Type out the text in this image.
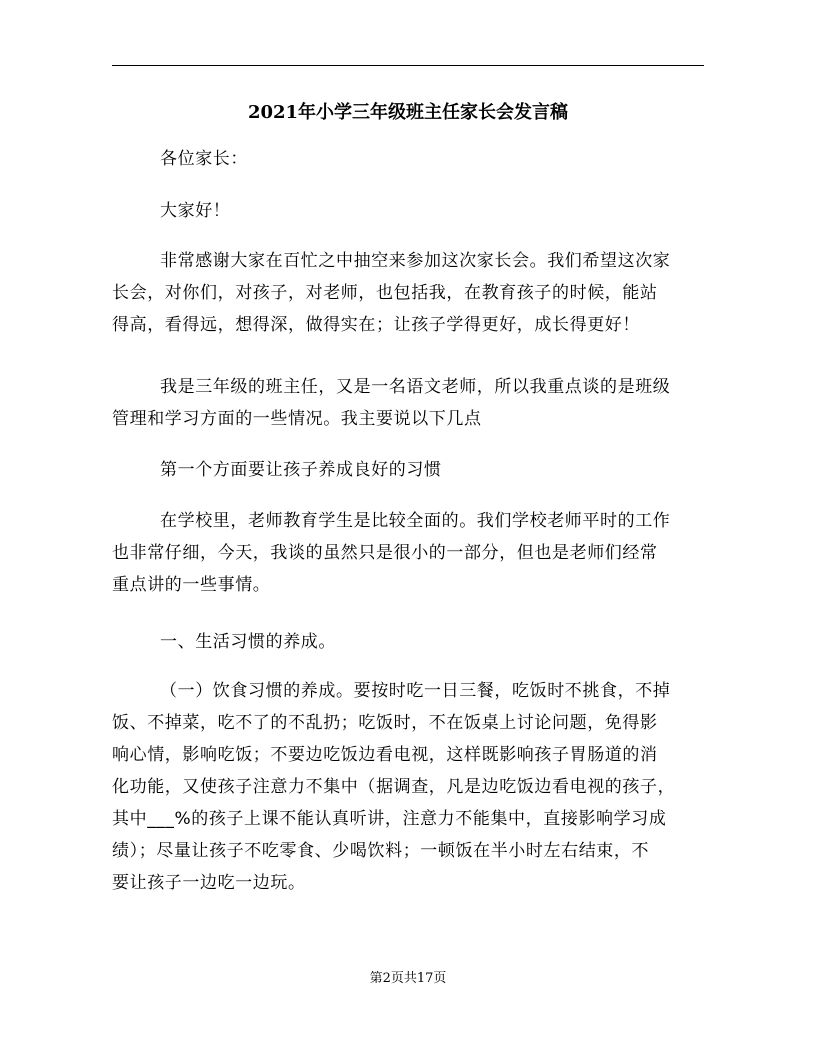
2021年小学三年级班主任家长会发言稿
各位家长：
大家好！
非常感谢大家在百忙之中抽空来参加这次家长会。我们希望这次家
长会，对你们，对孩子，对老师，也包括我，在教育孩子的时候，能站
得高，看得远，想得深，做得实在；让孩子学得更好，成长得更好！
我是三年级的班主任，又是一名语文老师，所以我重点谈的是班级
管理和学习方面的一些情况。我主要说以下几点
第一个方面要让孩子养成良好的习惯
在学校里，老师教育学生是比较全面的。我们学校老师平时的工作
也非常仔细，今天，我谈的虽然只是很小的一部分，但也是老师们经常
重点讲的一些事情。
一、生活习惯的养成。
（一）饮食习惯的养成。要按时吃一日三餐，吃饭时不挑食，不掉
饭、不掉菜，吃不了的不乱扔；吃饭时，不在饭桌上讨论问题，免得影
响心情，影响吃饭；不要边吃饭边看电视，这样既影响孩子胃肠道的消
化功能，又使孩子注意力不集中（据调查，凡是边吃饭边看电视的孩子，
其中___%的孩子上课不能认真听讲，注意力不能集中，直接影响学习成
绩）；尽量让孩子不吃零食、少喝饮料；一顿饭在半小时左右结束，不
要让孩子一边吃一边玩。
第2页共17页
